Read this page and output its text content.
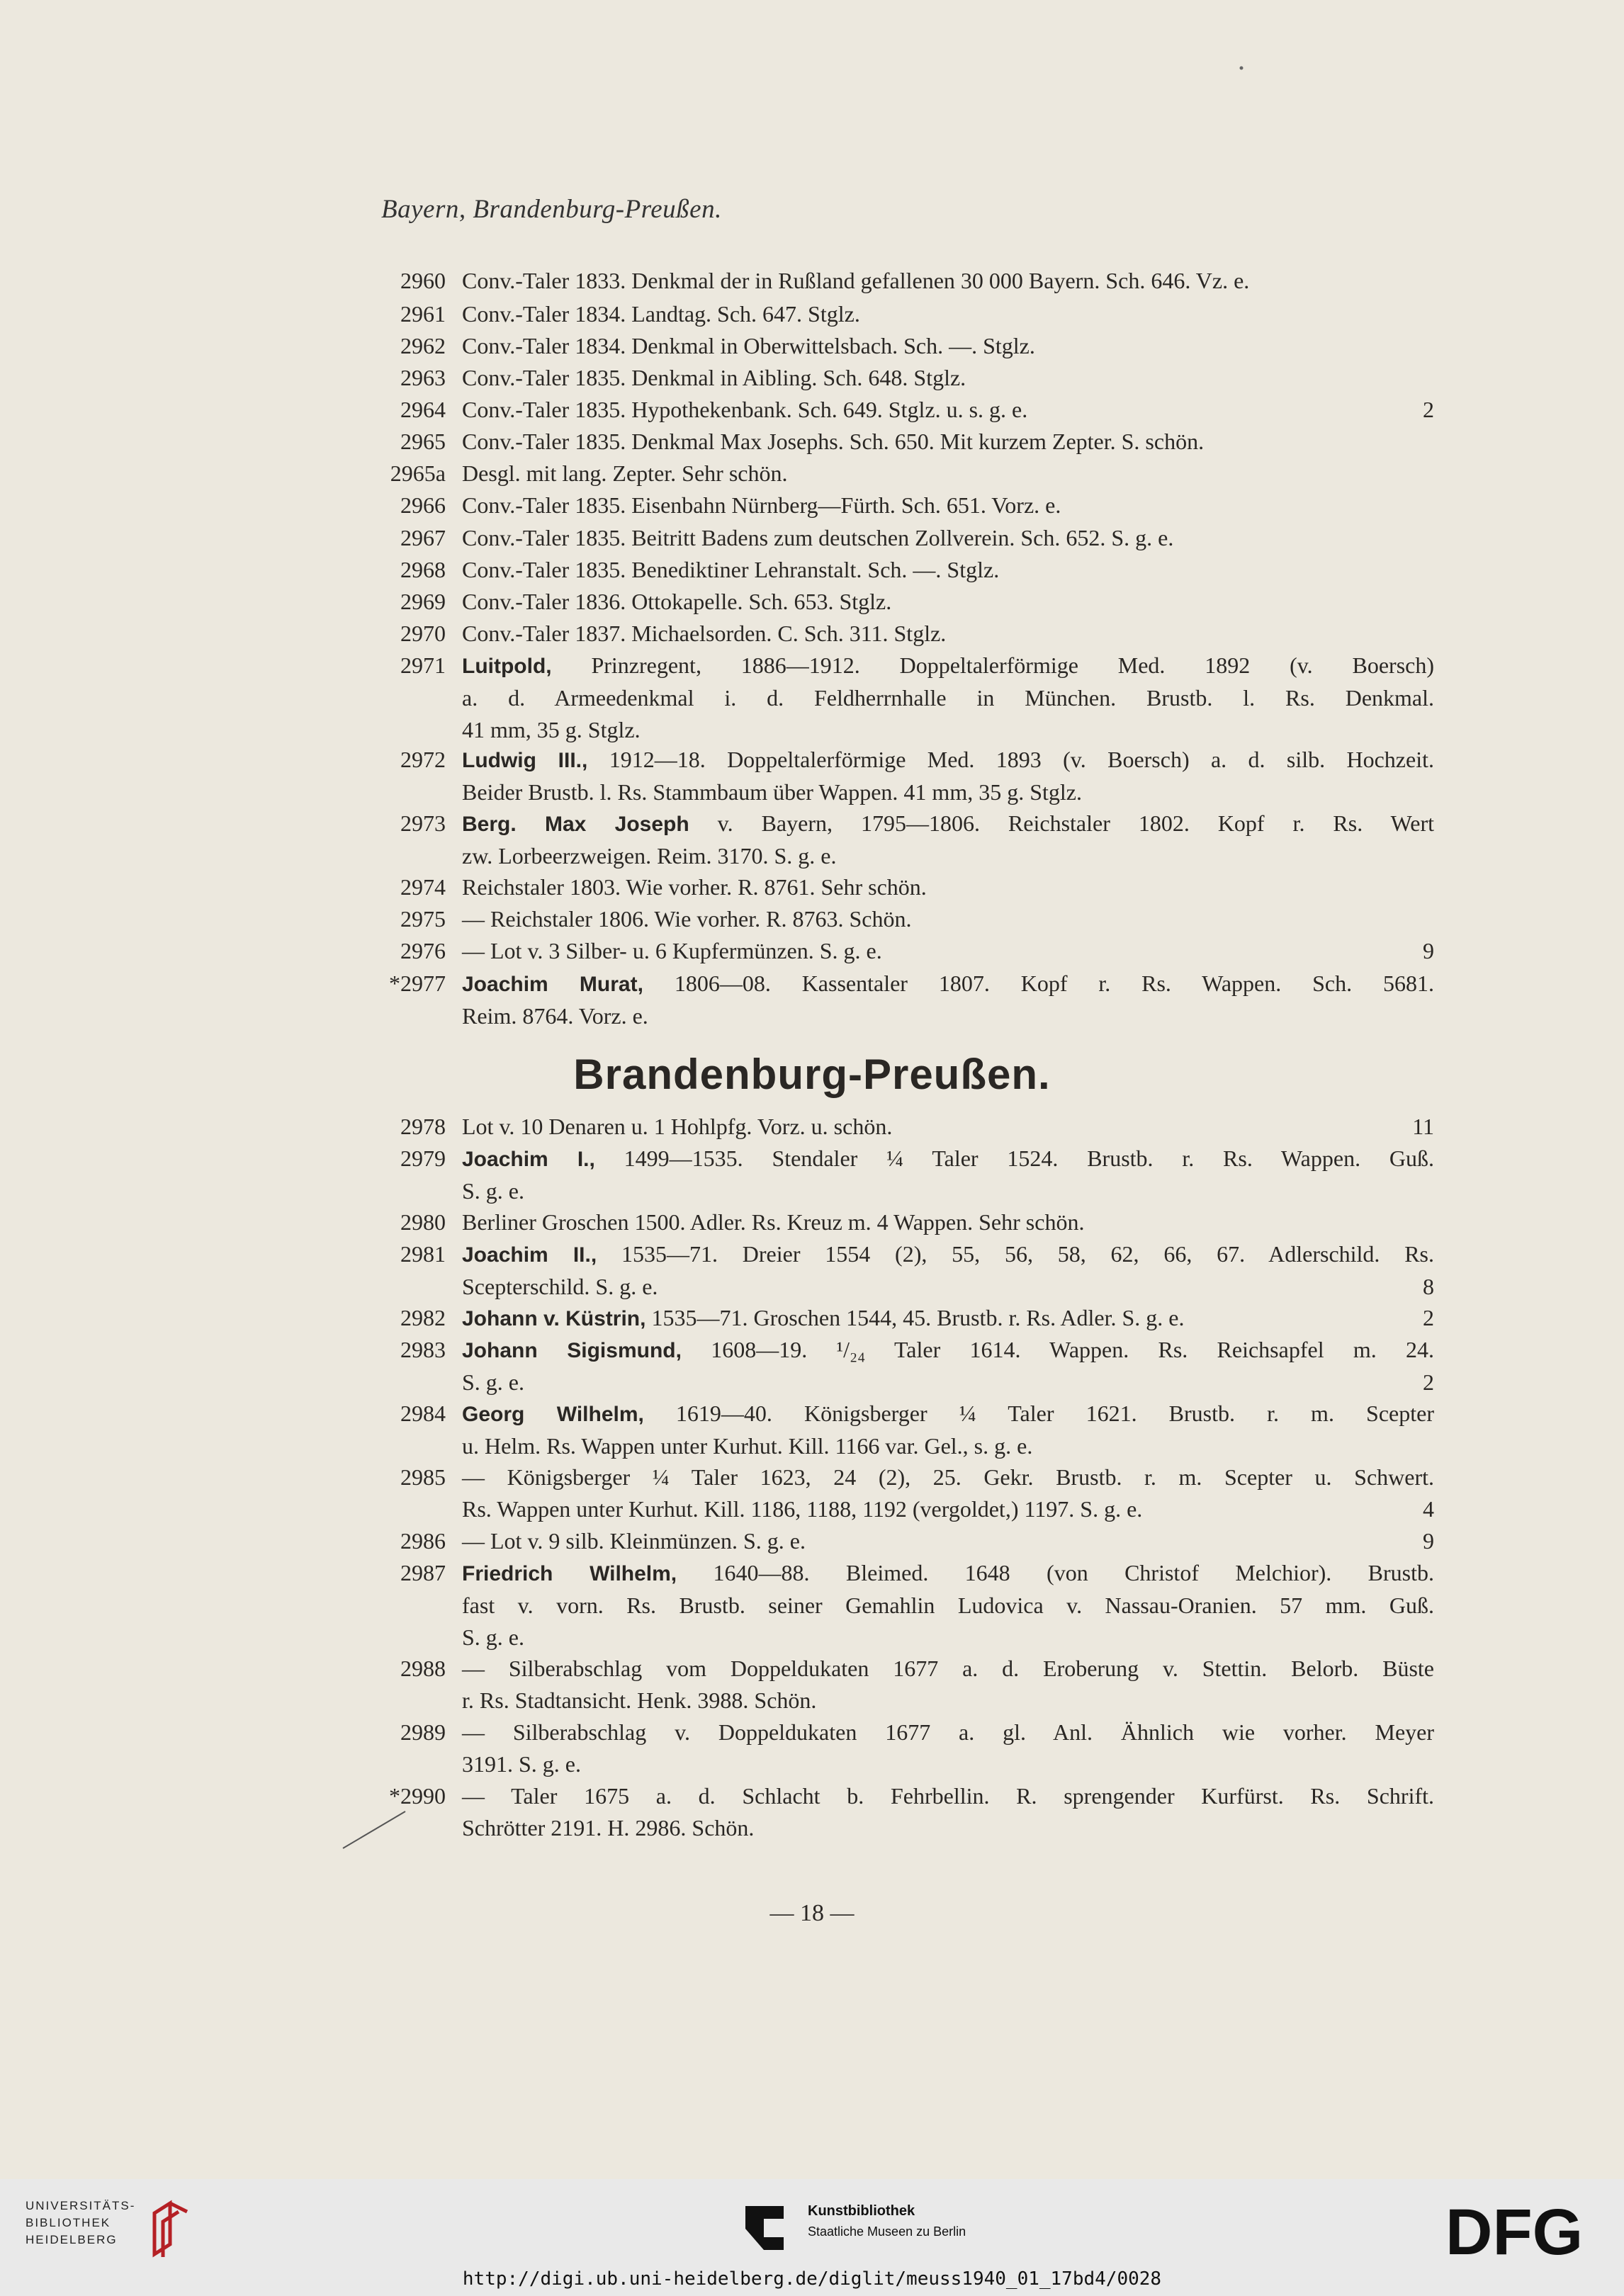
Bayern, Brandenburg-Preußen.
2960 Conv.-Taler 1833. Denkmal der in Rußland gefallenen 30 000 Bayern. Sch. 646. Vz. e.
2961 Conv.-Taler 1834. Landtag. Sch. 647. Stglz.
2962 Conv.-Taler 1834. Denkmal in Oberwittelsbach. Sch. —. Stglz.
2963 Conv.-Taler 1835. Denkmal in Aibling. Sch. 648. Stglz.
2964 Conv.-Taler 1835. Hypothekenbank. Sch. 649. Stglz. u. s. g. e.	2
2965 Conv.-Taler 1835. Denkmal Max Josephs. Sch. 650. Mit kurzem Zepter. S. schön.
2965a Desgl. mit lang. Zepter. Sehr schön.
2966 Conv.-Taler 1835. Eisenbahn Nürnberg—Fürth. Sch. 651. Vorz. e.
2967 Conv.-Taler 1835. Beitritt Badens zum deutschen Zollverein. Sch. 652. S. g. e.
2968 Conv.-Taler 1835. Benediktiner Lehranstalt. Sch. —. Stglz.
2969 Conv.-Taler 1836. Ottokapelle. Sch. 653. Stglz.
2970 Conv.-Taler 1837. Michaelsorden. C. Sch. 311. Stglz.
2971 Luitpold, Prinzregent, 1886—1912. Doppeltalerförmige Med. 1892 (v. Boersch)
a. d. Armeedenkmal i. d. Feldherrnhalle in München. Brustb. l. Rs. Denkmal.
41 mm, 35 g. Stglz.
2972 Ludwig III., 1912—18. Doppeltalerförmige Med. 1893 (v. Boersch) a. d. silb. Hochzeit.
Beider Brustb. l. Rs. Stammbaum über Wappen. 41 mm, 35 g. Stglz.
2973 Berg. Max Joseph v. Bayern, 1795—1806. Reichstaler 1802. Kopf r. Rs. Wert
zw. Lorbeerzweigen. Reim. 3170. S. g. e.
2974 Reichstaler 1803. Wie vorher. R. 8761. Sehr schön.
2975 — Reichstaler 1806. Wie vorher. R. 8763. Schön.
2976 — Lot v. 3 Silber- u. 6 Kupfermünzen. S. g. e.	9
*2977 Joachim Murat, 1806—08. Kassentaler 1807. Kopf r. Rs. Wappen. Sch. 5681.
Reim. 8764. Vorz. e.
2978 Lot v. 10 Denaren u. 1 Hohlpfg. Vorz. u. schön.	11
2979 Joachim I., 1499—1535. Stendaler ¼ Taler 1524. Brustb. r. Rs. Wappen. Guß.
S. g. e.
2980 Berliner Groschen 1500. Adler. Rs. Kreuz m. 4 Wappen. Sehr schön.
2981 Joachim II., 1535—71. Dreier 1554 (2), 55, 56, 58, 62, 66, 67. Adlerschild. Rs.
Scepterschild. S. g. e.	8
2982 Johann v. Küstrin, 1535—71. Groschen 1544, 45. Brustb. r. Rs. Adler. S. g. e.	2
2983 Johann Sigismund, 1608—19. ¹/₂₄ Taler 1614. Wappen. Rs. Reichsapfel m. 24.
S. g. e.	2
2984 Georg Wilhelm, 1619—40. Königsberger ¼ Taler 1621. Brustb. r. m. Scepter
u. Helm. Rs. Wappen unter Kurhut. Kill. 1166 var. Gel., s. g. e.
2985 — Königsberger ¼ Taler 1623, 24 (2), 25. Gekr. Brustb. r. m. Scepter u. Schwert.
Rs. Wappen unter Kurhut. Kill. 1186, 1188, 1192 (vergoldet,) 1197. S. g. e.	4
2986 — Lot v. 9 silb. Kleinmünzen. S. g. e.	9
2987 Friedrich Wilhelm, 1640—88. Bleimed. 1648 (von Christof Melchior). Brustb.
fast v. vorn. Rs. Brustb. seiner Gemahlin Ludovica v. Nassau-Oranien. 57 mm. Guß.
S. g. e.
2988 — Silberabschlag vom Doppeldukaten 1677 a. d. Eroberung v. Stettin. Belorb. Büste
r. Rs. Stadtansicht. Henk. 3988. Schön.
2989 — Silberabschlag v. Doppeldukaten 1677 a. gl. Anl. Ähnlich wie vorher. Meyer
3191. S. g. e.
*2990 — Taler 1675 a. d. Schlacht b. Fehrbellin. R. sprengender Kurfürst. Rs. Schrift.
Schrötter 2191. H. 2986. Schön.
Brandenburg-Preußen.
— 18 —
UNIVERSITÄTS-
BIBLIOTHEK
HEIDELBERG
Kunstbibliothek
Staatliche Museen zu Berlin	DFG
http://digi.ub.uni-heidelberg.de/diglit/meuss1940_01_17bd4/0028
